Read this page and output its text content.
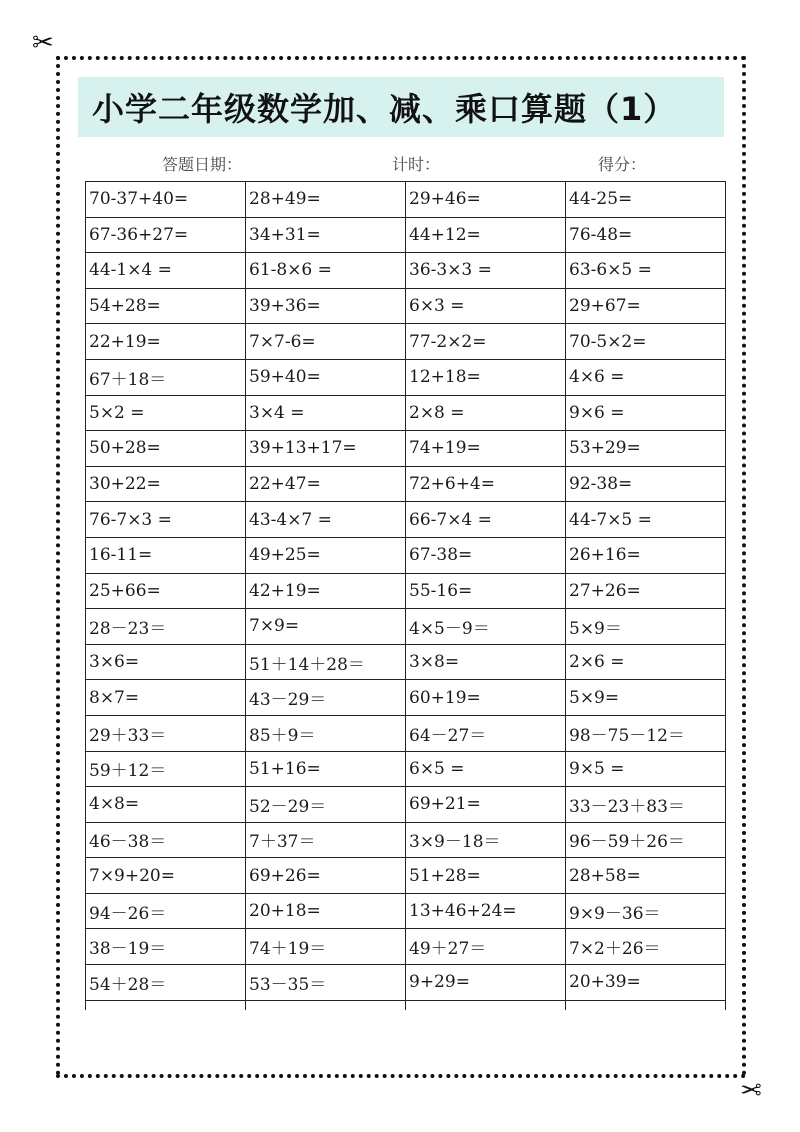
✂
✂
小学二年级数学加、减、乘口算题（1）
答题日期：	计时：	得分：
70-37+40=	28+49=	29+46=	44-25=
67-36+27=	34+31=	44+12=	76-48=
44-1×4 =	61-8×6 =	36-3×3 =	63-6×5 =
54+28=	39+36=	6×3 =	29+67=
22+19=	7×7-6=	77-2×2=	70-5×2=
67＋18＝	59+40=	12+18=	4×6 =
5×2 =	3×4 =	2×8 =	9×6 =
50+28=	39+13+17=	74+19=	53+29=
30+22=	22+47=	72+6+4=	92-38=
76-7×3 =	43-4×7 =	66-7×4 =	44-7×5 =
16-11=	49+25=	67-38=	26+16=
25+66=	42+19=	55-16=	27+26=
28－23＝	7×9=	4×5－9＝	5×9＝
3×6=	51＋14＋28＝	3×8=	2×6 =
8×7=	43－29＝	60+19=	5×9=
29＋33＝	85＋9＝	64－27＝	98－75－12＝
59＋12＝	51+16=	6×5 =	9×5 =
4×8=	52－29＝	69+21=	33－23＋83＝
46－38＝	7＋37＝	3×9－18＝	96－59＋26＝
7×9+20=	69+26=	51+28=	28+58=
94－26＝	20+18=	13+46+24=	9×9－36＝
38－19＝	74＋19＝	49＋27＝	7×2＋26＝
54＋28＝	53－35＝	9+29=	20+39=
